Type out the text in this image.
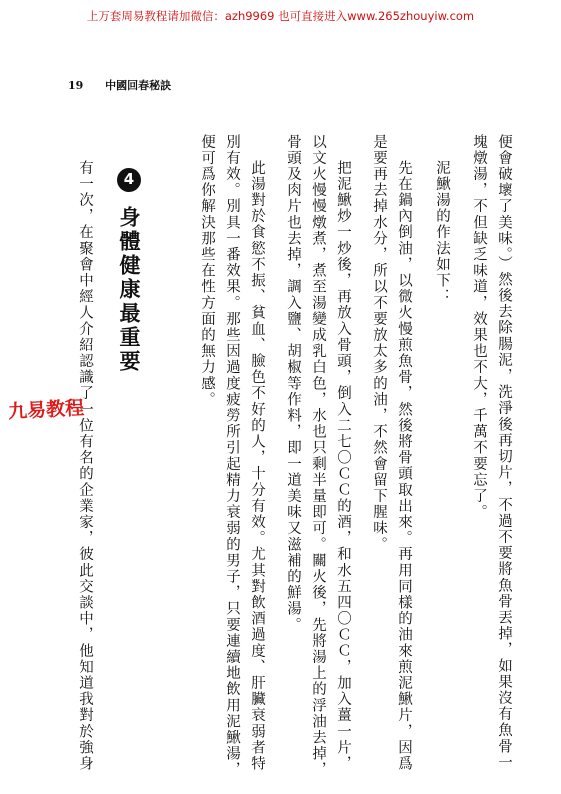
上万套周易教程请加微信：azh9969 也可直接进入www.265zhouyiw.com
19 中國回春秘訣
便會破壞了美味。）然後去除腸泥，洗淨後再切片，不過不要將魚骨丟掉，如果沒有魚骨一
塊燉湯，不但缺乏味道，效果也不大，千萬不要忘了。
泥鰍湯的作法如下：
先在鍋內倒油，以微火慢煎魚骨，然後將骨頭取出來。再用同樣的油來煎泥鰍片，因爲
是要再去掉水分，所以不要放太多的油，不然會留下腥味。
把泥鰍炒一炒後，再放入骨頭，倒入二七〇ＣＣ的酒，和水五四〇ＣＣ，加入薑一片，
以文火慢慢燉煮，煮至湯變成乳白色，水也只剩半量即可。關火後，先將湯上的浮油去掉，
骨頭及肉片也去掉，調入鹽、胡椒等作料，即一道美味又滋補的鮮湯。
此湯對於食慾不振、貧血、臉色不好的人，十分有效。尤其對飲酒過度、肝臟衰弱者特
別有效。別具一番效果。那些因過度疲勞所引起精力衰弱的男子，只要連續地飲用泥鰍湯，
便可爲你解決那些在性方面的無力感。
4身體健康最重要
有一次，在聚會中經人介紹認識了一位有名的企業家，彼此交談中，他知道我對於強身
九易教程
